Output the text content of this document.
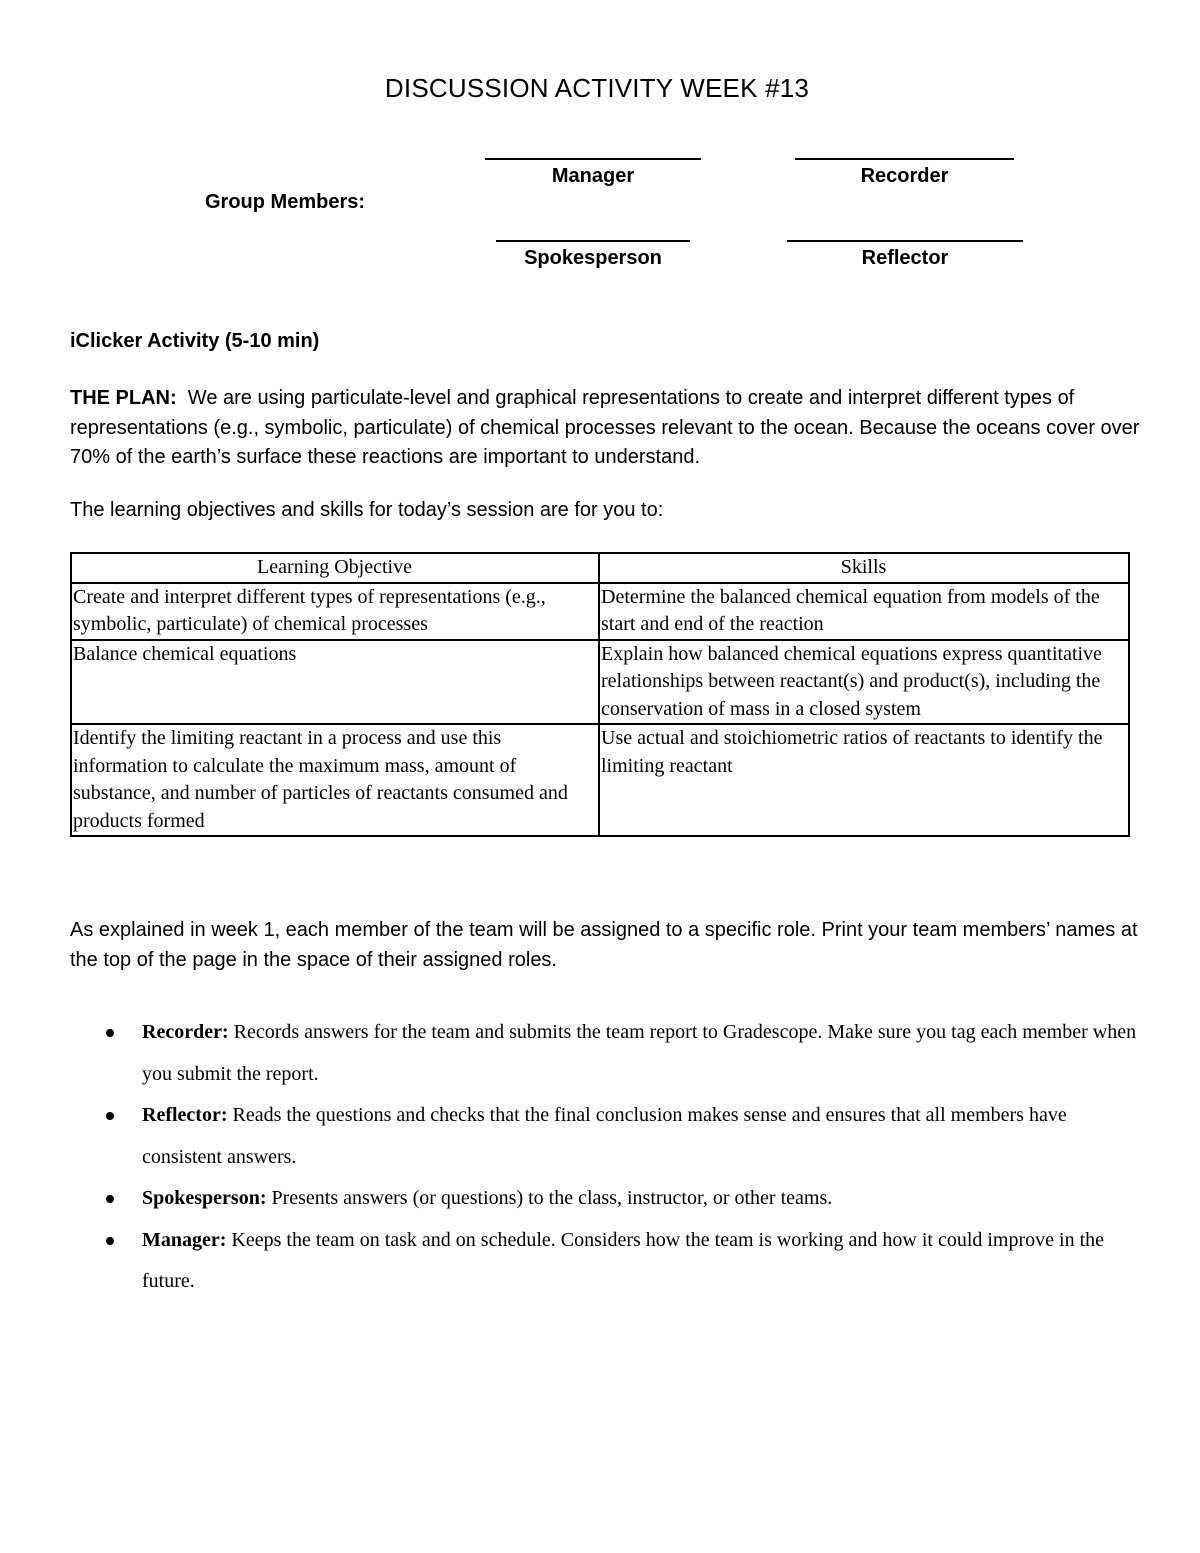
DISCUSSION ACTIVITY WEEK #13
Manager	Recorder
Group Members:
Spokesperson	Reflector
iClicker Activity (5-10 min)
THE PLAN: We are using particulate-level and graphical representations to create and interpret different types of representations (e.g., symbolic, particulate) of chemical processes relevant to the ocean. Because the oceans cover over 70% of the earth’s surface these reactions are important to understand.
The learning objectives and skills for today’s session are for you to:
Learning Objective	Skills
Create and interpret different types of representations (e.g., symbolic, particulate) of chemical processes	Determine the balanced chemical equation from models of the start and end of the reaction
Balance chemical equations	Explain how balanced chemical equations express quantitative relationships between reactant(s) and product(s), including the conservation of mass in a closed system
Identify the limiting reactant in a process and use this information to calculate the maximum mass, amount of substance, and number of particles of reactants consumed and products formed	Use actual and stoichiometric ratios of reactants to identify the limiting reactant
As explained in week 1, each member of the team will be assigned to a specific role. Print your team members’ names at the top of the page in the space of their assigned roles.
Recorder: Records answers for the team and submits the team report to Gradescope. Make sure you tag each member when you submit the report.
Reflector: Reads the questions and checks that the final conclusion makes sense and ensures that all members have consistent answers.
Spokesperson: Presents answers (or questions) to the class, instructor, or other teams.
Manager: Keeps the team on task and on schedule. Considers how the team is working and how it could improve in the future.
